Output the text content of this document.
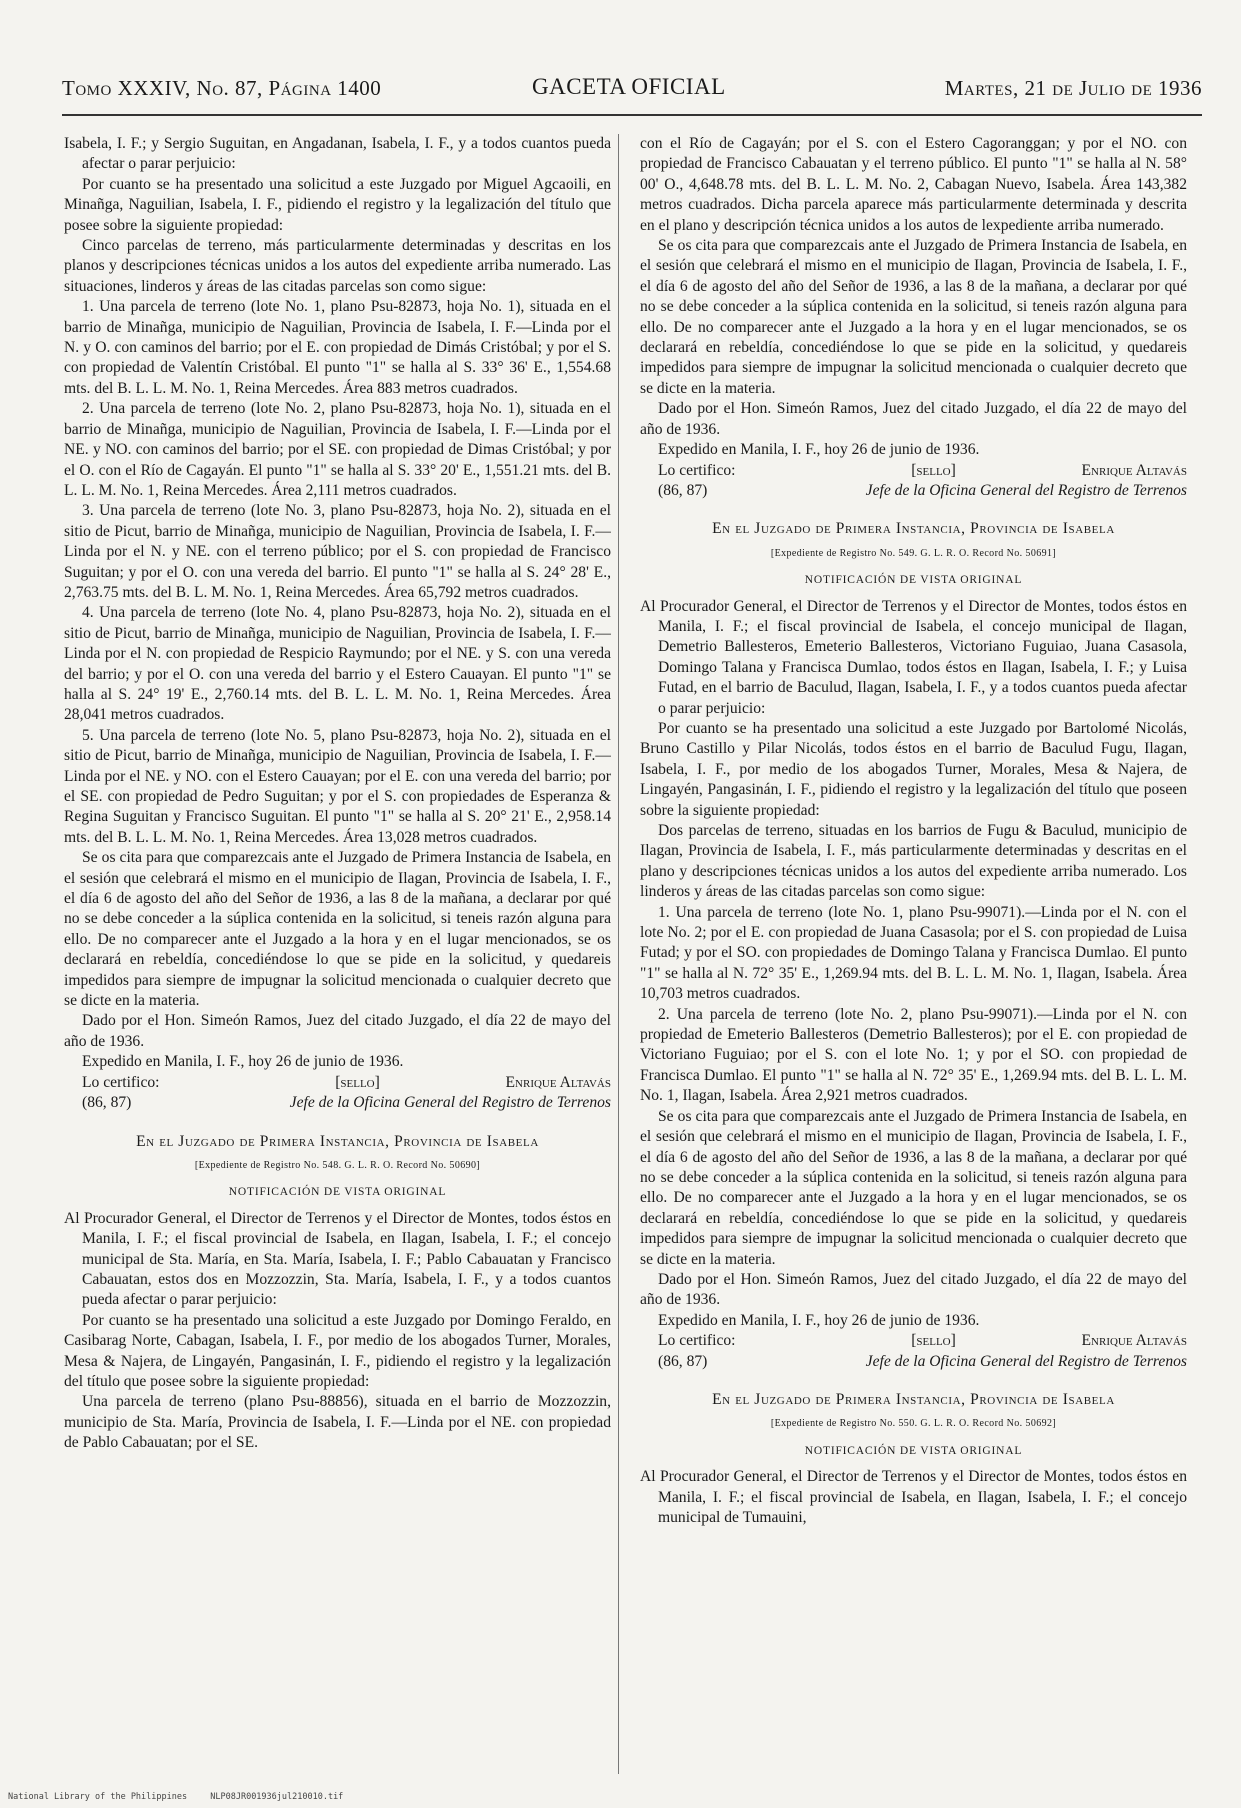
Tomo XXXIV, No. 87, Página 1400	GACETA OFICIAL	Martes, 21 de Julio de 1936

Isabela, I. F.; y Sergio Suguitan, en Angadanan, Isabela, I. F., y a todos cuantos pueda afectar o parar perjuicio:

Por cuanto se ha presentado una solicitud a este Juzgado por Miguel Agcaoili, en Minañga, Naguilian, Isabela, I. F., pidiendo el registro y la legalización del título que posee sobre la siguiente propiedad:

Cinco parcelas de terreno, más particularmente determinadas y descritas en los planos y descripciones técnicas unidos a los autos del expediente arriba numerado. Las situaciones, linderos y áreas de las citadas parcelas son como sigue:

1. Una parcela de terreno (lote No. 1, plano Psu-82873, hoja No. 1), situada en el barrio de Minañga, municipio de Naguilian, Provincia de Isabela, I. F.—Linda por el N. y O. con caminos del barrio; por el E. con propiedad de Dimás Cristóbal; y por el S. con propiedad de Valentín Cristóbal. El punto "1" se halla al S. 33° 36' E., 1,554.68 mts. del B. L. L. M. No. 1, Reina Mercedes. Área 883 metros cuadrados.

2. Una parcela de terreno (lote No. 2, plano Psu-82873, hoja No. 1), situada en el barrio de Minañga, municipio de Naguilian, Provincia de Isabela, I. F.—Linda por el NE. y NO. con caminos del barrio; por el SE. con propiedad de Dimas Cristóbal; y por el O. con el Río de Cagayán. El punto "1" se halla al S. 33° 20' E., 1,551.21 mts. del B. L. L. M. No. 1, Reina Mercedes. Área 2,111 metros cuadrados.

3. Una parcela de terreno (lote No. 3, plano Psu-82873, hoja No. 2), situada en el sitio de Picut, barrio de Minañga, municipio de Naguilian, Provincia de Isabela, I. F.—Linda por el N. y NE. con el terreno público; por el S. con propiedad de Francisco Suguitan; y por el O. con una vereda del barrio. El punto "1" se halla al S. 24° 28' E., 2,763.75 mts. del B. L. M. No. 1, Reina Mercedes. Área 65,792 metros cuadrados.

4. Una parcela de terreno (lote No. 4, plano Psu-82873, hoja No. 2), situada en el sitio de Picut, barrio de Minañga, municipio de Naguilian, Provincia de Isabela, I. F.—Linda por el N. con propiedad de Respicio Raymundo; por el NE. y S. con una vereda del barrio; y por el O. con una vereda del barrio y el Estero Cauayan. El punto "1" se halla al S. 24° 19' E., 2,760.14 mts. del B. L. L. M. No. 1, Reina Mercedes. Área 28,041 metros cuadrados.

5. Una parcela de terreno (lote No. 5, plano Psu-82873, hoja No. 2), situada en el sitio de Picut, barrio de Minañga, municipio de Naguilian, Provincia de Isabela, I. F.—Linda por el NE. y NO. con el Estero Cauayan; por el E. con una vereda del barrio; por el SE. con propiedad de Pedro Suguitan; y por el S. con propiedades de Esperanza & Regina Suguitan y Francisco Suguitan. El punto "1" se halla al S. 20° 21' E., 2,958.14 mts. del B. L. L. M. No. 1, Reina Mercedes. Área 13,028 metros cuadrados.

Se os cita para que comparezcais ante el Juzgado de Primera Instancia de Isabela, en el sesión que celebrará el mismo en el municipio de Ilagan, Provincia de Isabela, I. F., el día 6 de agosto del año del Señor de 1936, a las 8 de la mañana, a declarar por qué no se debe conceder a la súplica contenida en la solicitud, si teneis razón alguna para ello. De no comparecer ante el Juzgado a la hora y en el lugar mencionados, se os declarará en rebeldía, concediéndose lo que se pide en la solicitud, y quedareis impedidos para siempre de impugnar la solicitud mencionada o cualquier decreto que se dicte en la materia.

Dado por el Hon. Simeón Ramos, Juez del citado Juzgado, el día 22 de mayo del año de 1936.

Expedido en Manila, I. F., hoy 26 de junio de 1936.

Lo certifico:	[sello]	Enrique Altavás
(86, 87)	Jefe de la Oficina General del Registro de Terrenos

En el Juzgado de Primera Instancia, Provincia de Isabela

[Expediente de Registro No. 548. G. L. R. O. Record No. 50690]

NOTIFICACIÓN DE VISTA ORIGINAL

Al Procurador General, el Director de Terrenos y el Director de Montes, todos éstos en Manila, I. F.; el fiscal provincial de Isabela, en Ilagan, Isabela, I. F.; el concejo municipal de Sta. María, en Sta. María, Isabela, I. F.; Pablo Cabauatan y Francisco Cabauatan, estos dos en Mozzozzin, Sta. María, Isabela, I. F., y a todos cuantos pueda afectar o parar perjuicio:

Por cuanto se ha presentado una solicitud a este Juzgado por Domingo Feraldo, en Casibarag Norte, Cabagan, Isabela, I. F., por medio de los abogados Turner, Morales, Mesa & Najera, de Lingayén, Pangasinán, I. F., pidiendo el registro y la legalización del título que posee sobre la siguiente propiedad:

Una parcela de terreno (plano Psu-88856), situada en el barrio de Mozzozzin, municipio de Sta. María, Provincia de Isabela, I. F.—Linda por el NE. con propiedad de Pablo Cabauatan; por el SE.

con el Río de Cagayán; por el S. con el Estero Cagoranggan; y por el NO. con propiedad de Francisco Cabauatan y el terreno público. El punto "1" se halla al N. 58° 00' O., 4,648.78 mts. del B. L. L. M. No. 2, Cabagan Nuevo, Isabela. Área 143,382 metros cuadrados. Dicha parcela aparece más particularmente determinada y descrita en el plano y descripción técnica unidos a los autos de lexpediente arriba numerado.

Se os cita para que comparezcais ante el Juzgado de Primera Instancia de Isabela, en el sesión que celebrará el mismo en el municipio de Ilagan, Provincia de Isabela, I. F., el día 6 de agosto del año del Señor de 1936, a las 8 de la mañana, a declarar por qué no se debe conceder a la súplica contenida en la solicitud, si teneis razón alguna para ello. De no comparecer ante el Juzgado a la hora y en el lugar mencionados, se os declarará en rebeldía, concediéndose lo que se pide en la solicitud, y quedareis impedidos para siempre de impugnar la solicitud mencionada o cualquier decreto que se dicte en la materia.

Dado por el Hon. Simeón Ramos, Juez del citado Juzgado, el día 22 de mayo del año de 1936.

Expedido en Manila, I. F., hoy 26 de junio de 1936.

Lo certifico:	[sello]	Enrique Altavás
(86, 87)	Jefe de la Oficina General del Registro de Terrenos

En el Juzgado de Primera Instancia, Provincia de Isabela

[Expediente de Registro No. 549. G. L. R. O. Record No. 50691]

NOTIFICACIÓN DE VISTA ORIGINAL

Al Procurador General, el Director de Terrenos y el Director de Montes, todos éstos en Manila, I. F.; el fiscal provincial de Isabela, el concejo municipal de Ilagan, Demetrio Ballesteros, Emeterio Ballesteros, Victoriano Fuguiao, Juana Casasola, Domingo Talana y Francisca Dumlao, todos éstos en Ilagan, Isabela, I. F.; y Luisa Futad, en el barrio de Baculud, Ilagan, Isabela, I. F., y a todos cuantos pueda afectar o parar perjuicio:

Por cuanto se ha presentado una solicitud a este Juzgado por Bartolomé Nicolás, Bruno Castillo y Pilar Nicolás, todos éstos en el barrio de Baculud Fugu, Ilagan, Isabela, I. F., por medio de los abogados Turner, Morales, Mesa & Najera, de Lingayén, Pangasinán, I. F., pidiendo el registro y la legalización del título que poseen sobre la siguiente propiedad:

Dos parcelas de terreno, situadas en los barrios de Fugu & Baculud, municipio de Ilagan, Provincia de Isabela, I. F., más particularmente determinadas y descritas en el plano y descripciones técnicas unidos a los autos del expediente arriba numerado. Los linderos y áreas de las citadas parcelas son como sigue:

1. Una parcela de terreno (lote No. 1, plano Psu-99071).—Linda por el N. con el lote No. 2; por el E. con propiedad de Juana Casasola; por el S. con propiedad de Luisa Futad; y por el SO. con propiedades de Domingo Talana y Francisca Dumlao. El punto "1" se halla al N. 72° 35' E., 1,269.94 mts. del B. L. L. M. No. 1, Ilagan, Isabela. Área 10,703 metros cuadrados.

2. Una parcela de terreno (lote No. 2, plano Psu-99071).—Linda por el N. con propiedad de Emeterio Ballesteros (Demetrio Ballesteros); por el E. con propiedad de Victoriano Fuguiao; por el S. con el lote No. 1; y por el SO. con propiedad de Francisca Dumlao. El punto "1" se halla al N. 72° 35' E., 1,269.94 mts. del B. L. L. M. No. 1, Ilagan, Isabela. Área 2,921 metros cuadrados.

Se os cita para que comparezcais ante el Juzgado de Primera Instancia de Isabela, en el sesión que celebrará el mismo en el municipio de Ilagan, Provincia de Isabela, I. F., el día 6 de agosto del año del Señor de 1936, a las 8 de la mañana, a declarar por qué no se debe conceder a la súplica contenida en la solicitud, si teneis razón alguna para ello. De no comparecer ante el Juzgado a la hora y en el lugar mencionados, se os declarará en rebeldía, concediéndose lo que se pide en la solicitud, y quedareis impedidos para siempre de impugnar la solicitud mencionada o cualquier decreto que se dicte en la materia.

Dado por el Hon. Simeón Ramos, Juez del citado Juzgado, el día 22 de mayo del año de 1936.

Expedido en Manila, I. F., hoy 26 de junio de 1936.

Lo certifico:	[sello]	Enrique Altavás
(86, 87)	Jefe de la Oficina General del Registro de Terrenos

En el Juzgado de Primera Instancia, Provincia de Isabela

[Expediente de Registro No. 550. G. L. R. O. Record No. 50692]

NOTIFICACIÓN DE VISTA ORIGINAL

Al Procurador General, el Director de Terrenos y el Director de Montes, todos éstos en Manila, I. F.; el fiscal provincial de Isabela, en Ilagan, Isabela, I. F.; el concejo municipal de Tumauini,

National Library of the Philippines	NLP08JR001936jul210010.tif
